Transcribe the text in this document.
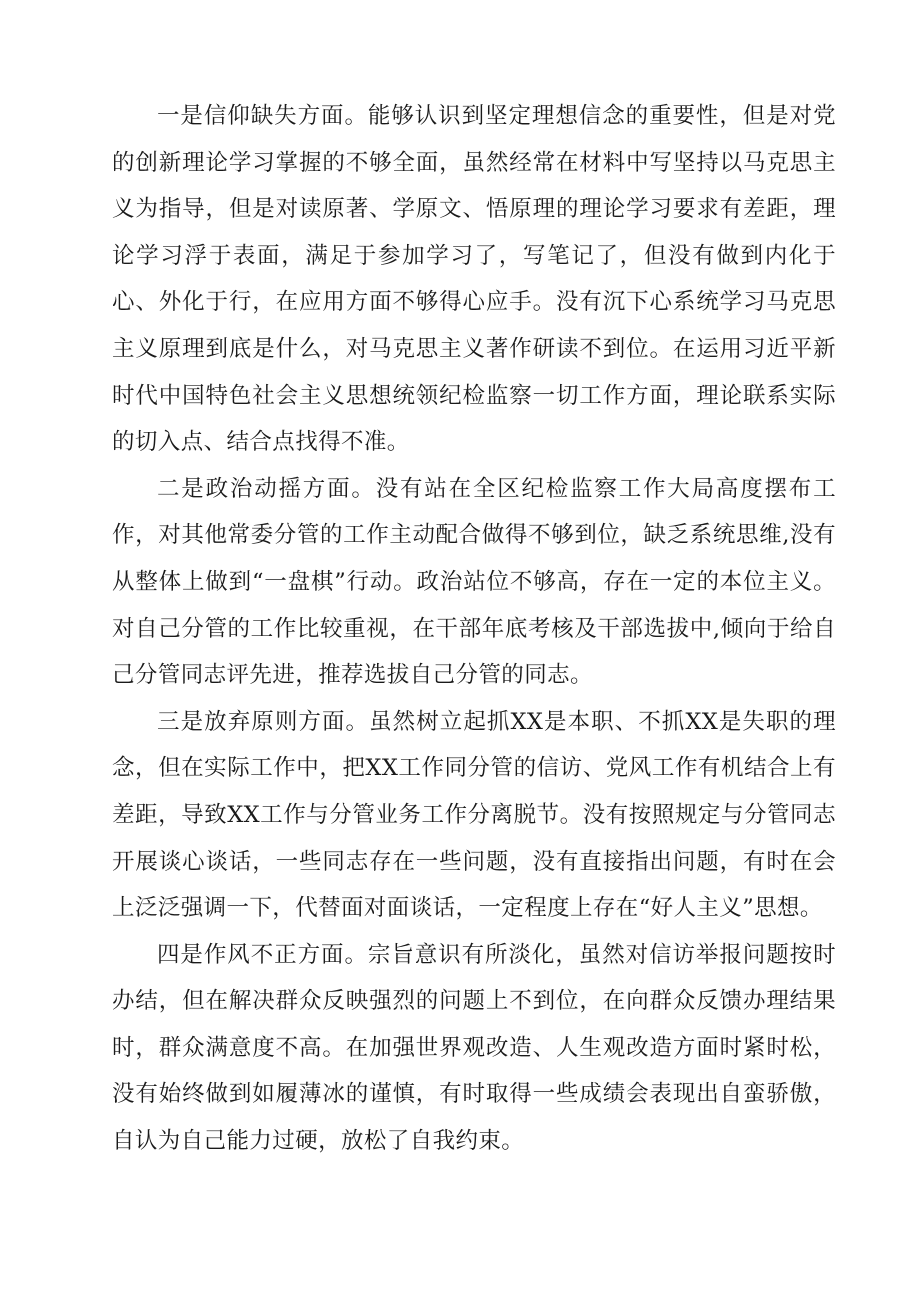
一是信仰缺失方面。能够认识到坚定理想信念的重要性，但是对党的创新理论学习掌握的不够全面，虽然经常在材料中写坚持以马克思主义为指导，但是对读原著、学原文、悟原理的理论学习要求有差距，理论学习浮于表面，满足于参加学习了，写笔记了，但没有做到内化于心、外化于行，在应用方面不够得心应手。没有沉下心系统学习马克思主义原理到底是什么，对马克思主义著作研读不到位。在运用习近平新时代中国特色社会主义思想统领纪检监察一切工作方面，理论联系实际的切入点、结合点找得不准。

二是政治动摇方面。没有站在全区纪检监察工作大局高度摆布工作，对其他常委分管的工作主动配合做得不够到位，缺乏系统思维,没有从整体上做到“一盘棋”行动。政治站位不够高，存在一定的本位主义。对自己分管的工作比较重视，在干部年底考核及干部选拔中,倾向于给自己分管同志评先进，推荐选拔自己分管的同志。

三是放弃原则方面。虽然树立起抓XX是本职、不抓XX是失职的理念，但在实际工作中，把XX工作同分管的信访、党风工作有机结合上有差距，导致XX工作与分管业务工作分离脱节。没有按照规定与分管同志开展谈心谈话，一些同志存在一些问题，没有直接指出问题，有时在会上泛泛强调一下，代替面对面谈话，一定程度上存在“好人主义”思想。

四是作风不正方面。宗旨意识有所淡化，虽然对信访举报问题按时办结，但在解决群众反映强烈的问题上不到位，在向群众反馈办理结果时，群众满意度不高。在加强世界观改造、人生观改造方面时紧时松，没有始终做到如履薄冰的谨慎，有时取得一些成绩会表现出自蛮骄傲，自认为自己能力过硬，放松了自我约束。
